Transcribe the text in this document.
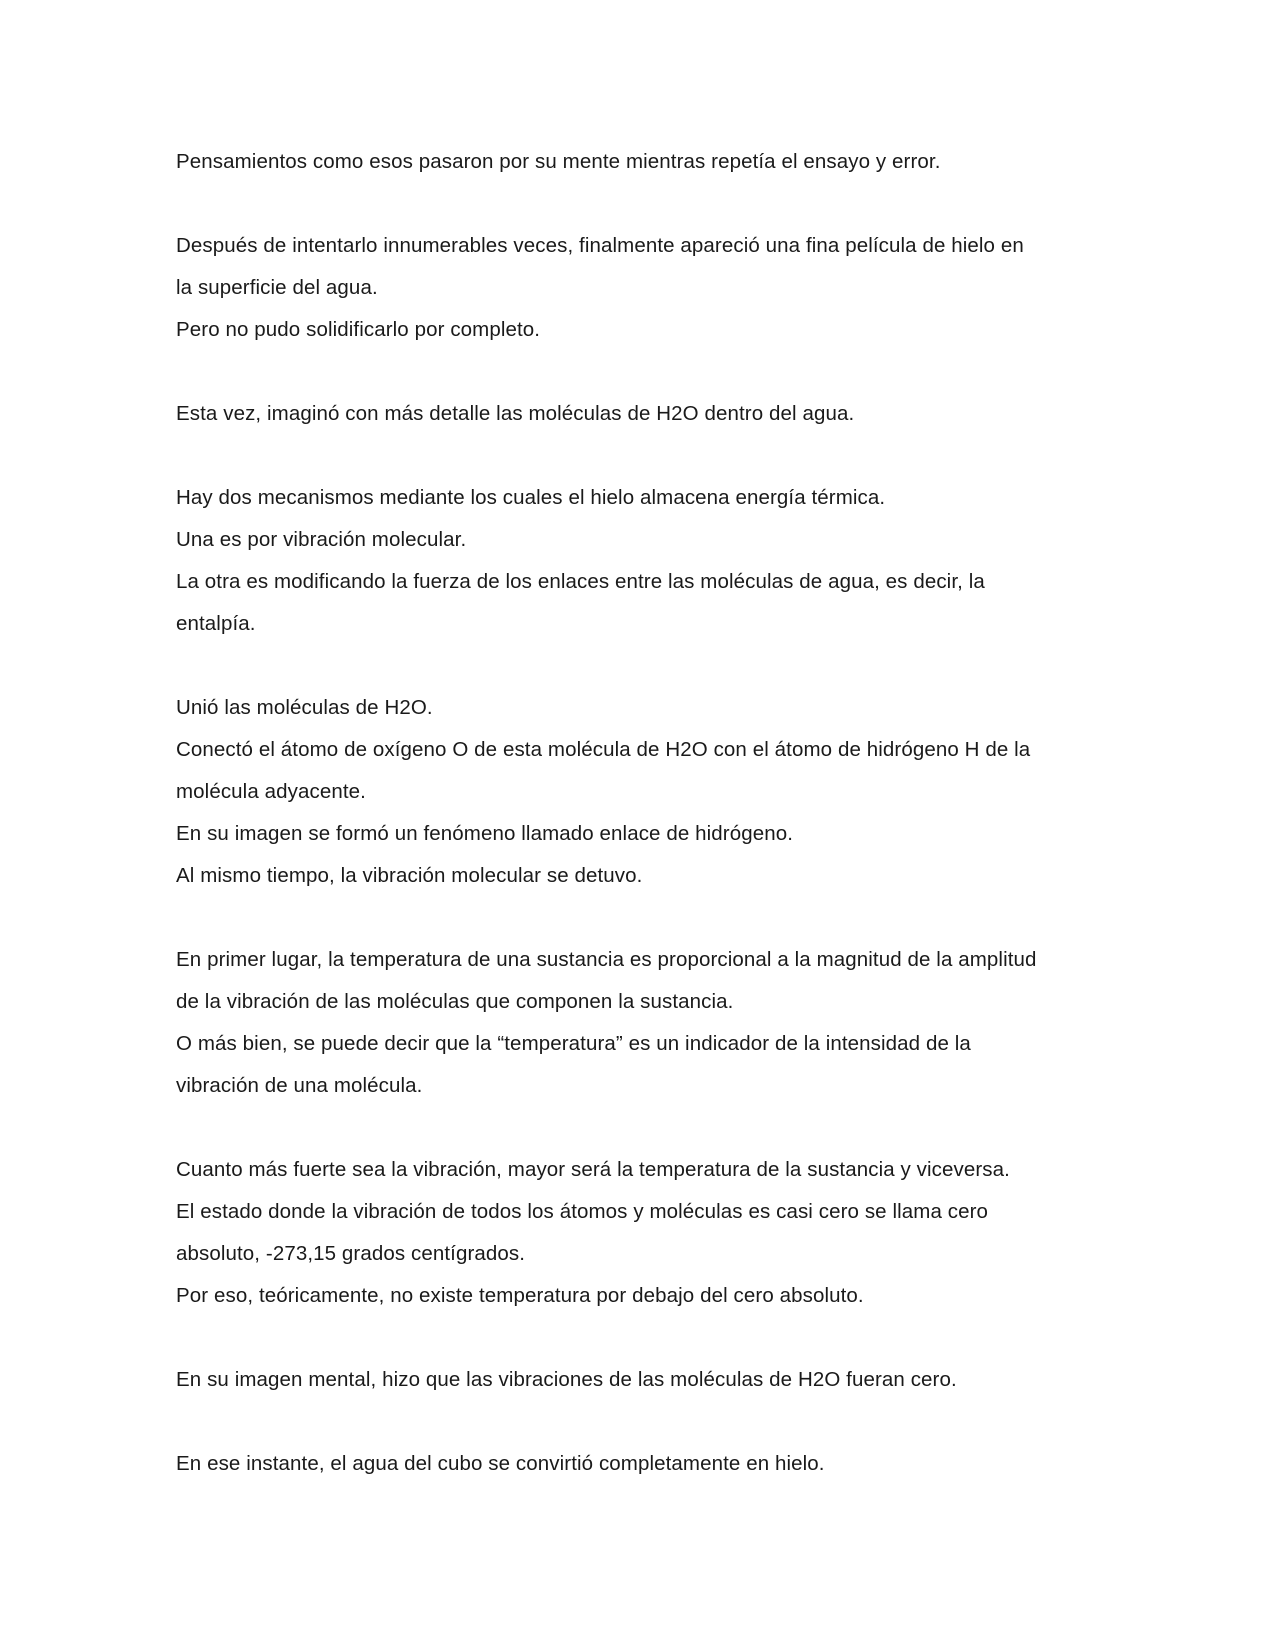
Pensamientos como esos pasaron por su mente mientras repetía el ensayo y error.
Después de intentarlo innumerables veces, finalmente apareció una fina película de hielo en
la superficie del agua.
Pero no pudo solidificarlo por completo.
Esta vez, imaginó con más detalle las moléculas de H2O dentro del agua.
Hay dos mecanismos mediante los cuales el hielo almacena energía térmica.
Una es por vibración molecular.
La otra es modificando la fuerza de los enlaces entre las moléculas de agua, es decir, la
entalpía.
Unió las moléculas de H2O.
Conectó el átomo de oxígeno O de esta molécula de H2O con el átomo de hidrógeno H de la
molécula adyacente.
En su imagen se formó un fenómeno llamado enlace de hidrógeno.
Al mismo tiempo, la vibración molecular se detuvo.
En primer lugar, la temperatura de una sustancia es proporcional a la magnitud de la amplitud
de la vibración de las moléculas que componen la sustancia.
O más bien, se puede decir que la “temperatura” es un indicador de la intensidad de la
vibración de una molécula.
Cuanto más fuerte sea la vibración, mayor será la temperatura de la sustancia y viceversa.
El estado donde la vibración de todos los átomos y moléculas es casi cero se llama cero
absoluto, -273,15 grados centígrados.
Por eso, teóricamente, no existe temperatura por debajo del cero absoluto.
En su imagen mental, hizo que las vibraciones de las moléculas de H2O fueran cero.
En ese instante, el agua del cubo se convirtió completamente en hielo.
